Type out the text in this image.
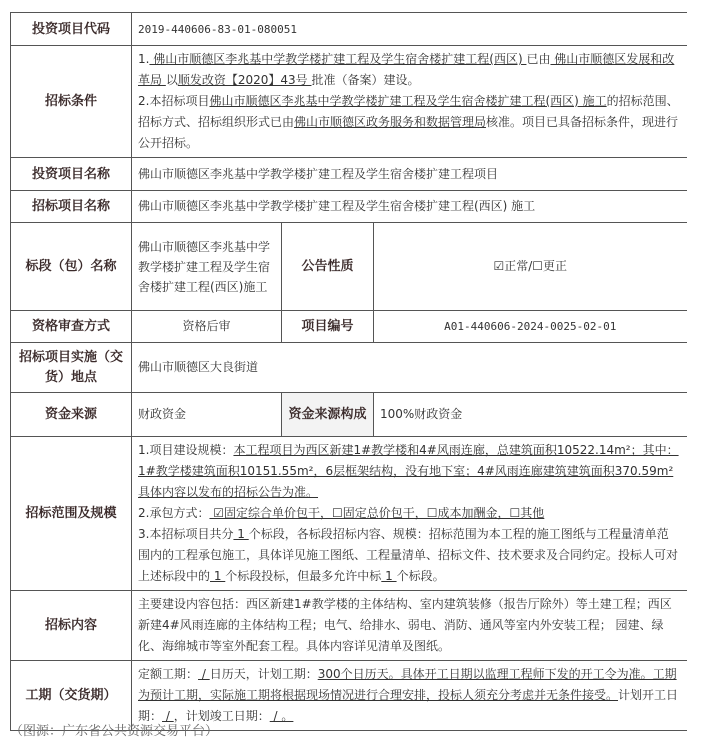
投资项目代码	2019-440606-83-01-080051		
招标条件	1. 佛山市顺德区李兆基中学教学楼扩建工程及学生宿舍楼扩建工程(西区) 已由 佛山市顺德区发展和改革局 以顺发改资【2020】43号 批准（备案）建设。
2.本招标项目佛山市顺德区李兆基中学教学楼扩建工程及学生宿舍楼扩建工程(西区) 施工的招标范围、招标方式、招标组织形式已由佛山市顺德区政务服务和数据管理局核准。项目已具备招标条件，现进行公开招标。		

投资项目名称	佛山市顺德区李兆基中学教学楼扩建工程及学生宿舍楼扩建工程项目		
招标项目名称	佛山市顺德区李兆基中学教学楼扩建工程及学生宿舍楼扩建工程(西区) 施工		
标段（包）名称	佛山市顺德区李兆基中学教学楼扩建工程及学生宿舍楼扩建工程(西区)施工	公告性质	☑正常/☐更正
资格审查方式	资格后审	项目编号	A01-440606-2024-0025-02-01
招标项目实施（交货）地点	佛山市顺德区大良街道		
资金来源	财政资金	资金来源构成	100%财政资金
招标范围及规模	1.项目建设规模：本工程项目为西区新建1#教学楼和4#风雨连廊，总建筑面积10522.14m²；其中：1#教学楼建筑面积10151.55m²，6层框架结构，没有地下室；4#风雨连廊建筑建筑面积370.59m²具体内容以发布的招标公告为准。
2.承包方式： ☑固定综合单价包干，☐固定总价包干，☐成本加酬金，☐其他
3.本招标项目共分 1 个标段，各标段招标内容、规模：招标范围为本工程的施工图纸与工程量清单范围内的工程承包施工，具体详见施工图纸、工程量清单、招标文件、技术要求及合同约定。投标人可对上述标段中的 1 个标段投标，但最多允许中标 1 个标段。		

招标内容	主要建设内容包括：西区新建1#教学楼的主体结构、室内建筑装修（报告厅除外）等土建工程；西区新建4#风雨连廊的主体结构工程；电气、给排水、弱电、消防、通风等室内外安装工程； 园建、绿化、海绵城市等室外配套工程。具体内容详见清单及图纸。		
工期（交货期）	定额工期： / 日历天，计划工期：300个日历天。具体开工日期以监理工程师下发的开工令为准。工期为预计工期，实际施工期将根据现场情况进行合理安排，投标人须充分考虑并无条件接受。计划开工日期： / ，计划竣工日期： / 。		
（图源：广东省公共资源交易平台）
